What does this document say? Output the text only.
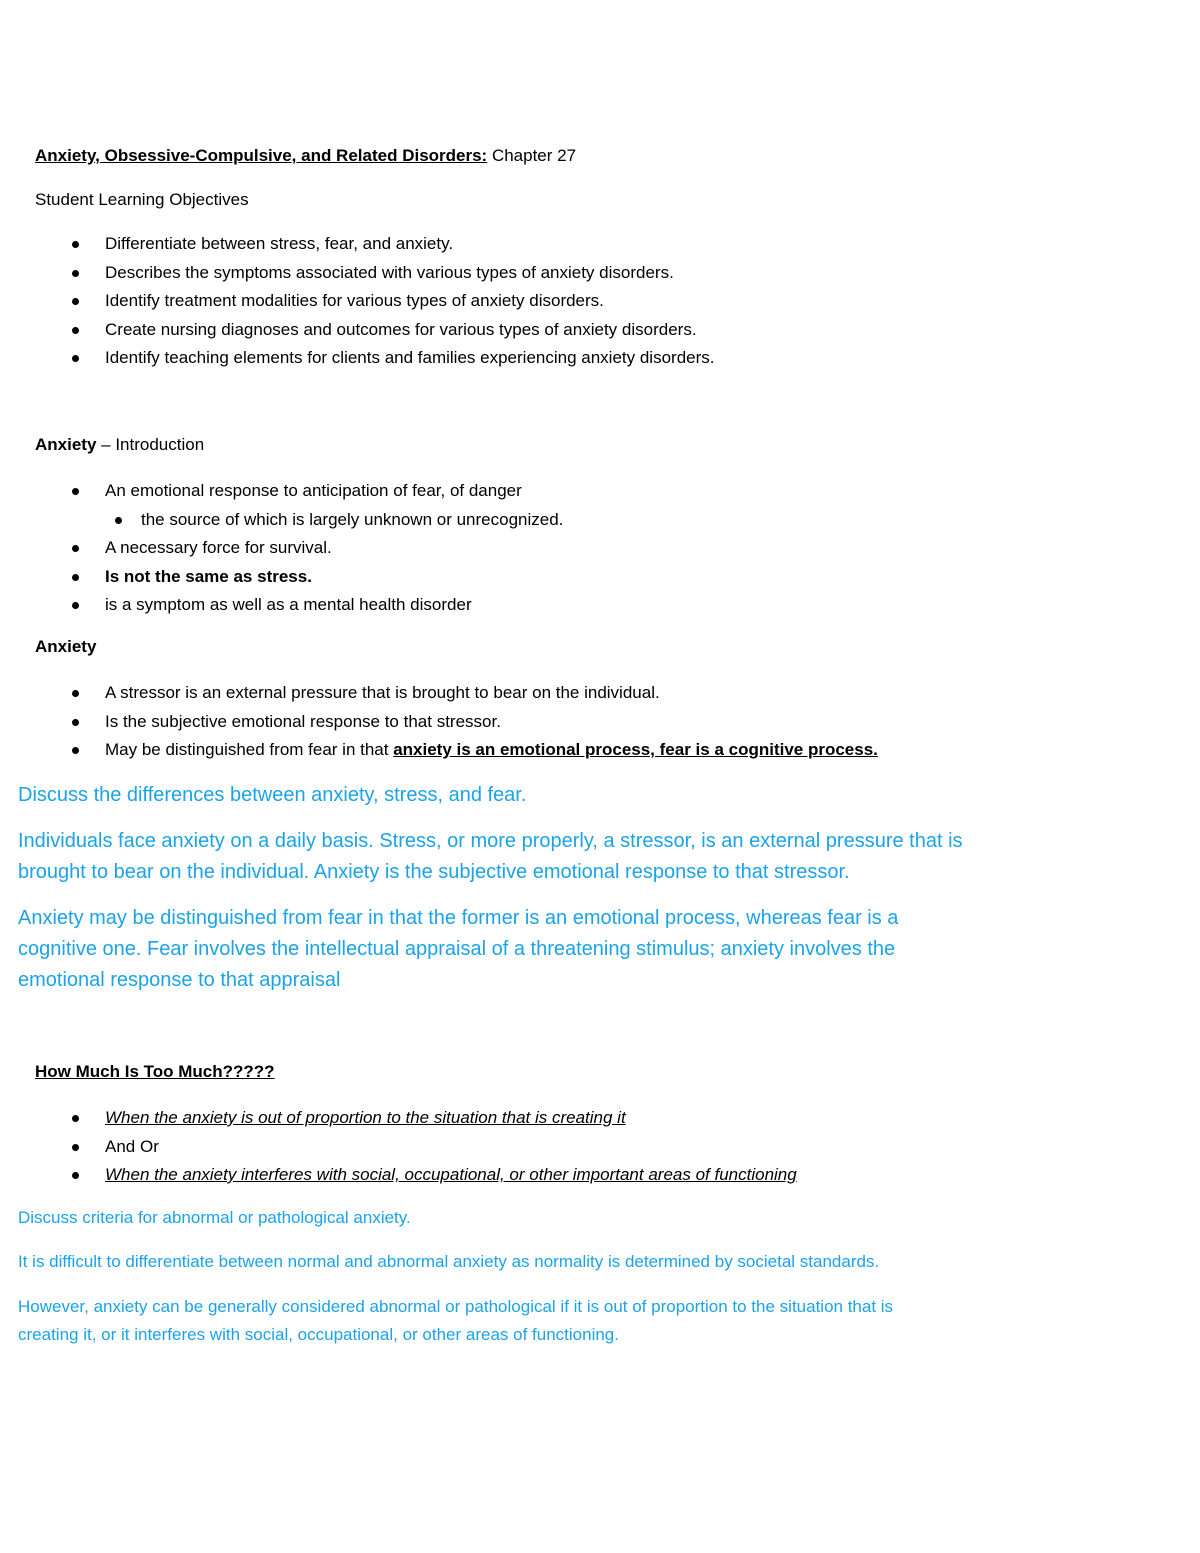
Anxiety, Obsessive-Compulsive, and Related Disorders: Chapter 27
Student Learning Objectives
Differentiate between stress, fear, and anxiety.
Describes the symptoms associated with various types of anxiety disorders.
Identify treatment modalities for various types of anxiety disorders.
Create nursing diagnoses and outcomes for various types of anxiety disorders.
Identify teaching elements for clients and families experiencing anxiety disorders.
Anxiety – Introduction
An emotional response to anticipation of fear, of danger
the source of which is largely unknown or unrecognized.
A necessary force for survival.
Is not the same as stress.
is a symptom as well as a mental health disorder
Anxiety
A stressor is an external pressure that is brought to bear on the individual.
Is the subjective emotional response to that stressor.
May be distinguished from fear in that anxiety is an emotional process, fear is a cognitive process.
Discuss the differences between anxiety, stress, and fear.
Individuals face anxiety on a daily basis. Stress, or more properly, a stressor, is an external pressure that is
brought to bear on the individual. Anxiety is the subjective emotional response to that stressor.
Anxiety may be distinguished from fear in that the former is an emotional process, whereas fear is a
cognitive one. Fear involves the intellectual appraisal of a threatening stimulus; anxiety involves the
emotional response to that appraisal
How Much Is Too Much?????
When the anxiety is out of proportion to the situation that is creating it
And Or
When the anxiety interferes with social, occupational, or other important areas of functioning
Discuss criteria for abnormal or pathological anxiety.
It is difficult to differentiate between normal and abnormal anxiety as normality is determined by societal standards.
However, anxiety can be generally considered abnormal or pathological if it is out of proportion to the situation that is
creating it, or it interferes with social, occupational, or other areas of functioning.
